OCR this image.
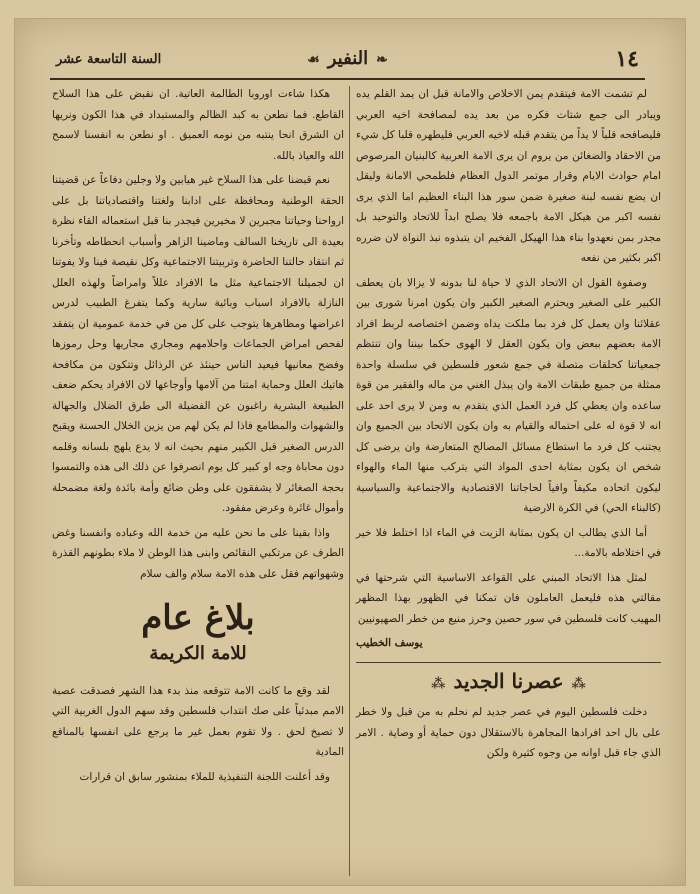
١٤
❧النفير☙
السنة التاسعة عشر

لم تشمت الامة فيتقدم يمن الاخلاص والامانة قبل ان يمد القلم يده ويبادر الى جمع شتات فكره من بعد يده لمصافحة اخيه العربي فليصافحه قلباً لا يداً من يتقدم قبله لاخيه العربي فليطهره قلبا كل شيء من الاحقاد والضغائن من يروم ان يرى الامة العربية كالبنيان المرصوص امام حوادث الايام وقرار موتمر الدول العظام فلطمحي الامانة وليقل ان يضع نفسه لبنة صغيرة ضمن سور هذا البناء العظيم اما الذي يرى نفسه اكبر من هيكل الامة باجمعه فلا يصلح ابداً للاتحاد والتوحيد بل مجدر بمن نعهدوا بناء هذا الهيكل الفخيم ان يتبذوه نبذ النواة لان ضرره اكبر بكثير من نفعه

وصفوة القول ان الاتحاد الذي لا حياة لنا بدونه لا يزالا بان يعطف الكبير على الصغير ويحترم الصغير الكبير وان يكون امرنا شورى بين عقلائنا وان يعمل كل فرد بما ملكت يداه وضمن اختصاصه لربط افراد الامة بعضهم ببعض وان يكون العقل لا الهوى حكما بيننا وان تنتظم جمعياتنا كحلقات متصلة في جمع شعور فلسطين في سلسلة واحدة ممثلة من جميع طبقات الامة وان يبذل الغني من ماله والفقير من قوة ساعده وان يعطي كل فرد العمل الذي يتقدم به ومن لا يرى احد على انه لا قوة له على احتماله والقيام به وان يكون الاتحاد بين الجميع وان يجتنب كل فرد ما استطاع مسائل المصالح المتعارضة وان يرضى كل شخص ان يكون بمثابة احدى المواد التي يتركب منها الماء والهواء ليكون اتحاده مكيفاً وافياً لحاجاتنا الاقتصادية والاجتماعية والسياسية (كالبناء الحي) في الكرة الارضية

أما الذي يطالب ان يكون بمثابة الزيت في الماء اذا اختلط فلا خير في اختلاطه بالامة...

لمثل هذا الاتحاد المبني على القواعد الاساسية التي شرحتها في مقالتي هذه فليعمل العاملون فان تمكنا في الظهور بهذا المظهر المهيب كانت فلسطين في سور حصين وحرز منيع من خطر الصهيونيين

يوسف الخطيب
⁂عصرنا الجديد⁂

دخلت فلسطين اليوم في عصر جديد لم نحلم به من قبل ولا خطر على بال احد افرادها المجاهرة بالاستقلال دون حماية أو وصاية . الامر الذي جاء قبل اوانه من وجوه كثيرة ولكن

هكذا شاءت اوروبا الطالمة العاتية. ان نقبض على هذا السلاح القاطع. فما نطعن به كبد الظالم والمستبداد في هذا الكون ونريها ان الشرق انحا ينتبه من نومه العميق . او نطعن به انفسنا لاسمح الله والعياذ بالله.

نعم قبضنا على هذا السلاح غير هيابين ولا وجلين دفاعاً عن قضيتنا الحقة الوطنية ومحافظة على ادابنا ولغتنا واقتصادياتنا بل على ارواحنا وحياتنا مجبرين لا مخيرين فيجدر بنا قبل استعماله القاء نظرة بعيدة الى تاريخنا السالف وماضينا الزاهر وأسباب انحطاطه وتأخرنا ثم انتقاد حالتنا الحاضرة وتربيتنا الاجتماعية وكل نقيصة فينا ولا يفوتنا ان لجميلنا الاجتماعية مثل ما الافراد عللاً وامراضاً ولهذه العلل النازلة بالافراد اسباب وبائية سارية وكما يتفرغ الطبيب لدرس اعراضها ومظاهرها يتوجب على كل من في خدمة عمومية ان يتفقد لفحص امراض الجماعات واحلامهم ومجاري مجاريها وحل رموزها وفضح معانيها فيعيد الناس حينئذ عن الرذائل وتتكون من مكافحة هاتيك العلل وحماية امتنا من آلامها وأوجاعها لان الافراد يحكم ضعف الطبيعة البشرية راغبون عن الفضيلة الى طرق الضلال والجهالة والشهوات والمطامع فاذا لم يكن لهم من يزين الخلال الحسنة ويقبح الدرس الصغير قبل الكبير منهم بحيث انه لا يدع يلهج بلسانه وقلمه دون محاباة وجه او كبير كل يوم انصرفوا عن ذلك الى هذه والتمسوا بحجة الصغائر لا يشفقون على وطن ضائع وأمة بائدة ولغة مضمحلة وأموال غائرة وعرض مفقود.

واذا بقينا على ما نحن عليه من خدمة الله وعباده وانفسنا وغض الطرف عن مرتكبي النقائص وابنى هذا الوطن لا ملاء بطونهم القذرة وشهواتهم فقل على هذه الامة سلام والف سلام

بلاغ عام
للامة الكريمة

لقد وقع ما كانت الامة تتوقعه منذ بدء هذا الشهر فصدقت عصبة الامم مبدئياً على صك انتداب فلسطين وقد سهم الدول الغربية التي لا تصيخ لحق . ولا تقوم بعمل غير ما يرجع على انفسها بالمنافع المادية

وقد أعلنت اللجنة التنفيذية للملاء بمنشور سابق ان قرارات
